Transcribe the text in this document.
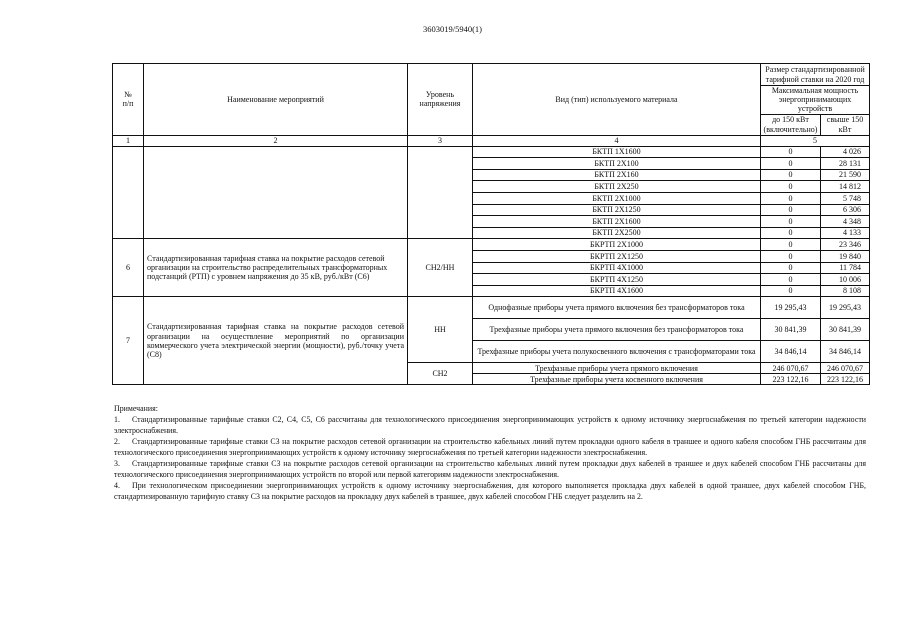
3603019/5940(1)
№
п/п	Наименование мероприятий	Уровень напряжения	Вид (тип) используемого материала	Размер стандартизированной тарифной ставки на 2020 год	
				Максимальная мощность энергопринимающих устройств	
				до 150 кВт (включительно)	свыше 150 кВт
1	2	3	4	5	
			БКТП 1Х1600	0	4 026
			БКТП 2Х100	0	28 131
			БКТП 2Х160	0	21 590
			БКТП 2Х250	0	14 812
			БКТП 2Х1000	0	5 748
			БКТП 2Х1250	0	6 306
			БКТП 2Х1600	0	4 348
			БКТП 2Х2500	0	4 133
6	Стандартизированная тарифная ставка на покрытие расходов сетевой организации на строительство распределительных трансформаторных подстанций (РТП) с уровнем напряжения до 35 кВ, руб./кВт (С6)	СН2/НН	БКРТП 2Х1000	0	23 346
			БКРТП 2Х1250	0	19 840
			БКРТП 4Х1000	0	11 784
			БКРТП 4Х1250	0	10 006
			БКРТП 4Х1600	0	8 108
7	Стандартизированная тарифная ставка на покрытие расходов сетевой организации на осуществление мероприятий по организации коммерческого учета электрической энергии (мощности), руб./точку учета (С8)	НН	Однофазные приборы учета прямого включения без трансформаторов тока	19 295,43	19 295,43
			Трехфазные приборы учета прямого включения без трансформаторов тока	30 841,39	30 841,39
			Трехфазные приборы учета полукосвенного включения с трансформаторами тока	34 846,14	34 846,14
		СН2	Трехфазные приборы учета прямого включения	246 070,67	246 070,67
			Трехфазные приборы учета косвенного включения	223 122,16	223 122,16

Примечания:

1. Стандартизированные тарифные ставки С2, С4, С5, С6 рассчитаны для технологического присоединения энергопринимающих устройств к одному источнику энергоснабжения по третьей категории надежности электроснабжения.

2. Стандартизированные тарифные ставки С3 на покрытие расходов сетевой организации на строительство кабельных линий путем прокладки одного кабеля в траншее и одного кабеля способом ГНБ рассчитаны для технологического присоединения энергопринимающих устройств к одному источнику энергоснабжения по третьей категории надежности электроснабжения.

3. Стандартизированные тарифные ставки С3 на покрытие расходов сетевой организации на строительство кабельных линий путем прокладки двух кабелей в траншее и двух кабелей способом ГНБ рассчитаны для технологического присоединения энергопринимающих устройств по второй или первой категориям надежности электроснабжения.

4. При технологическом присоединении энергопринимающих устройств к одному источнику энергоснабжения, для которого выполняется прокладка двух кабелей в одной траншее, двух кабелей способом ГНБ, стандартизированную тарифную ставку С3 на покрытие расходов на прокладку двух кабелей в траншее, двух кабелей способом ГНБ следует разделить на 2.
